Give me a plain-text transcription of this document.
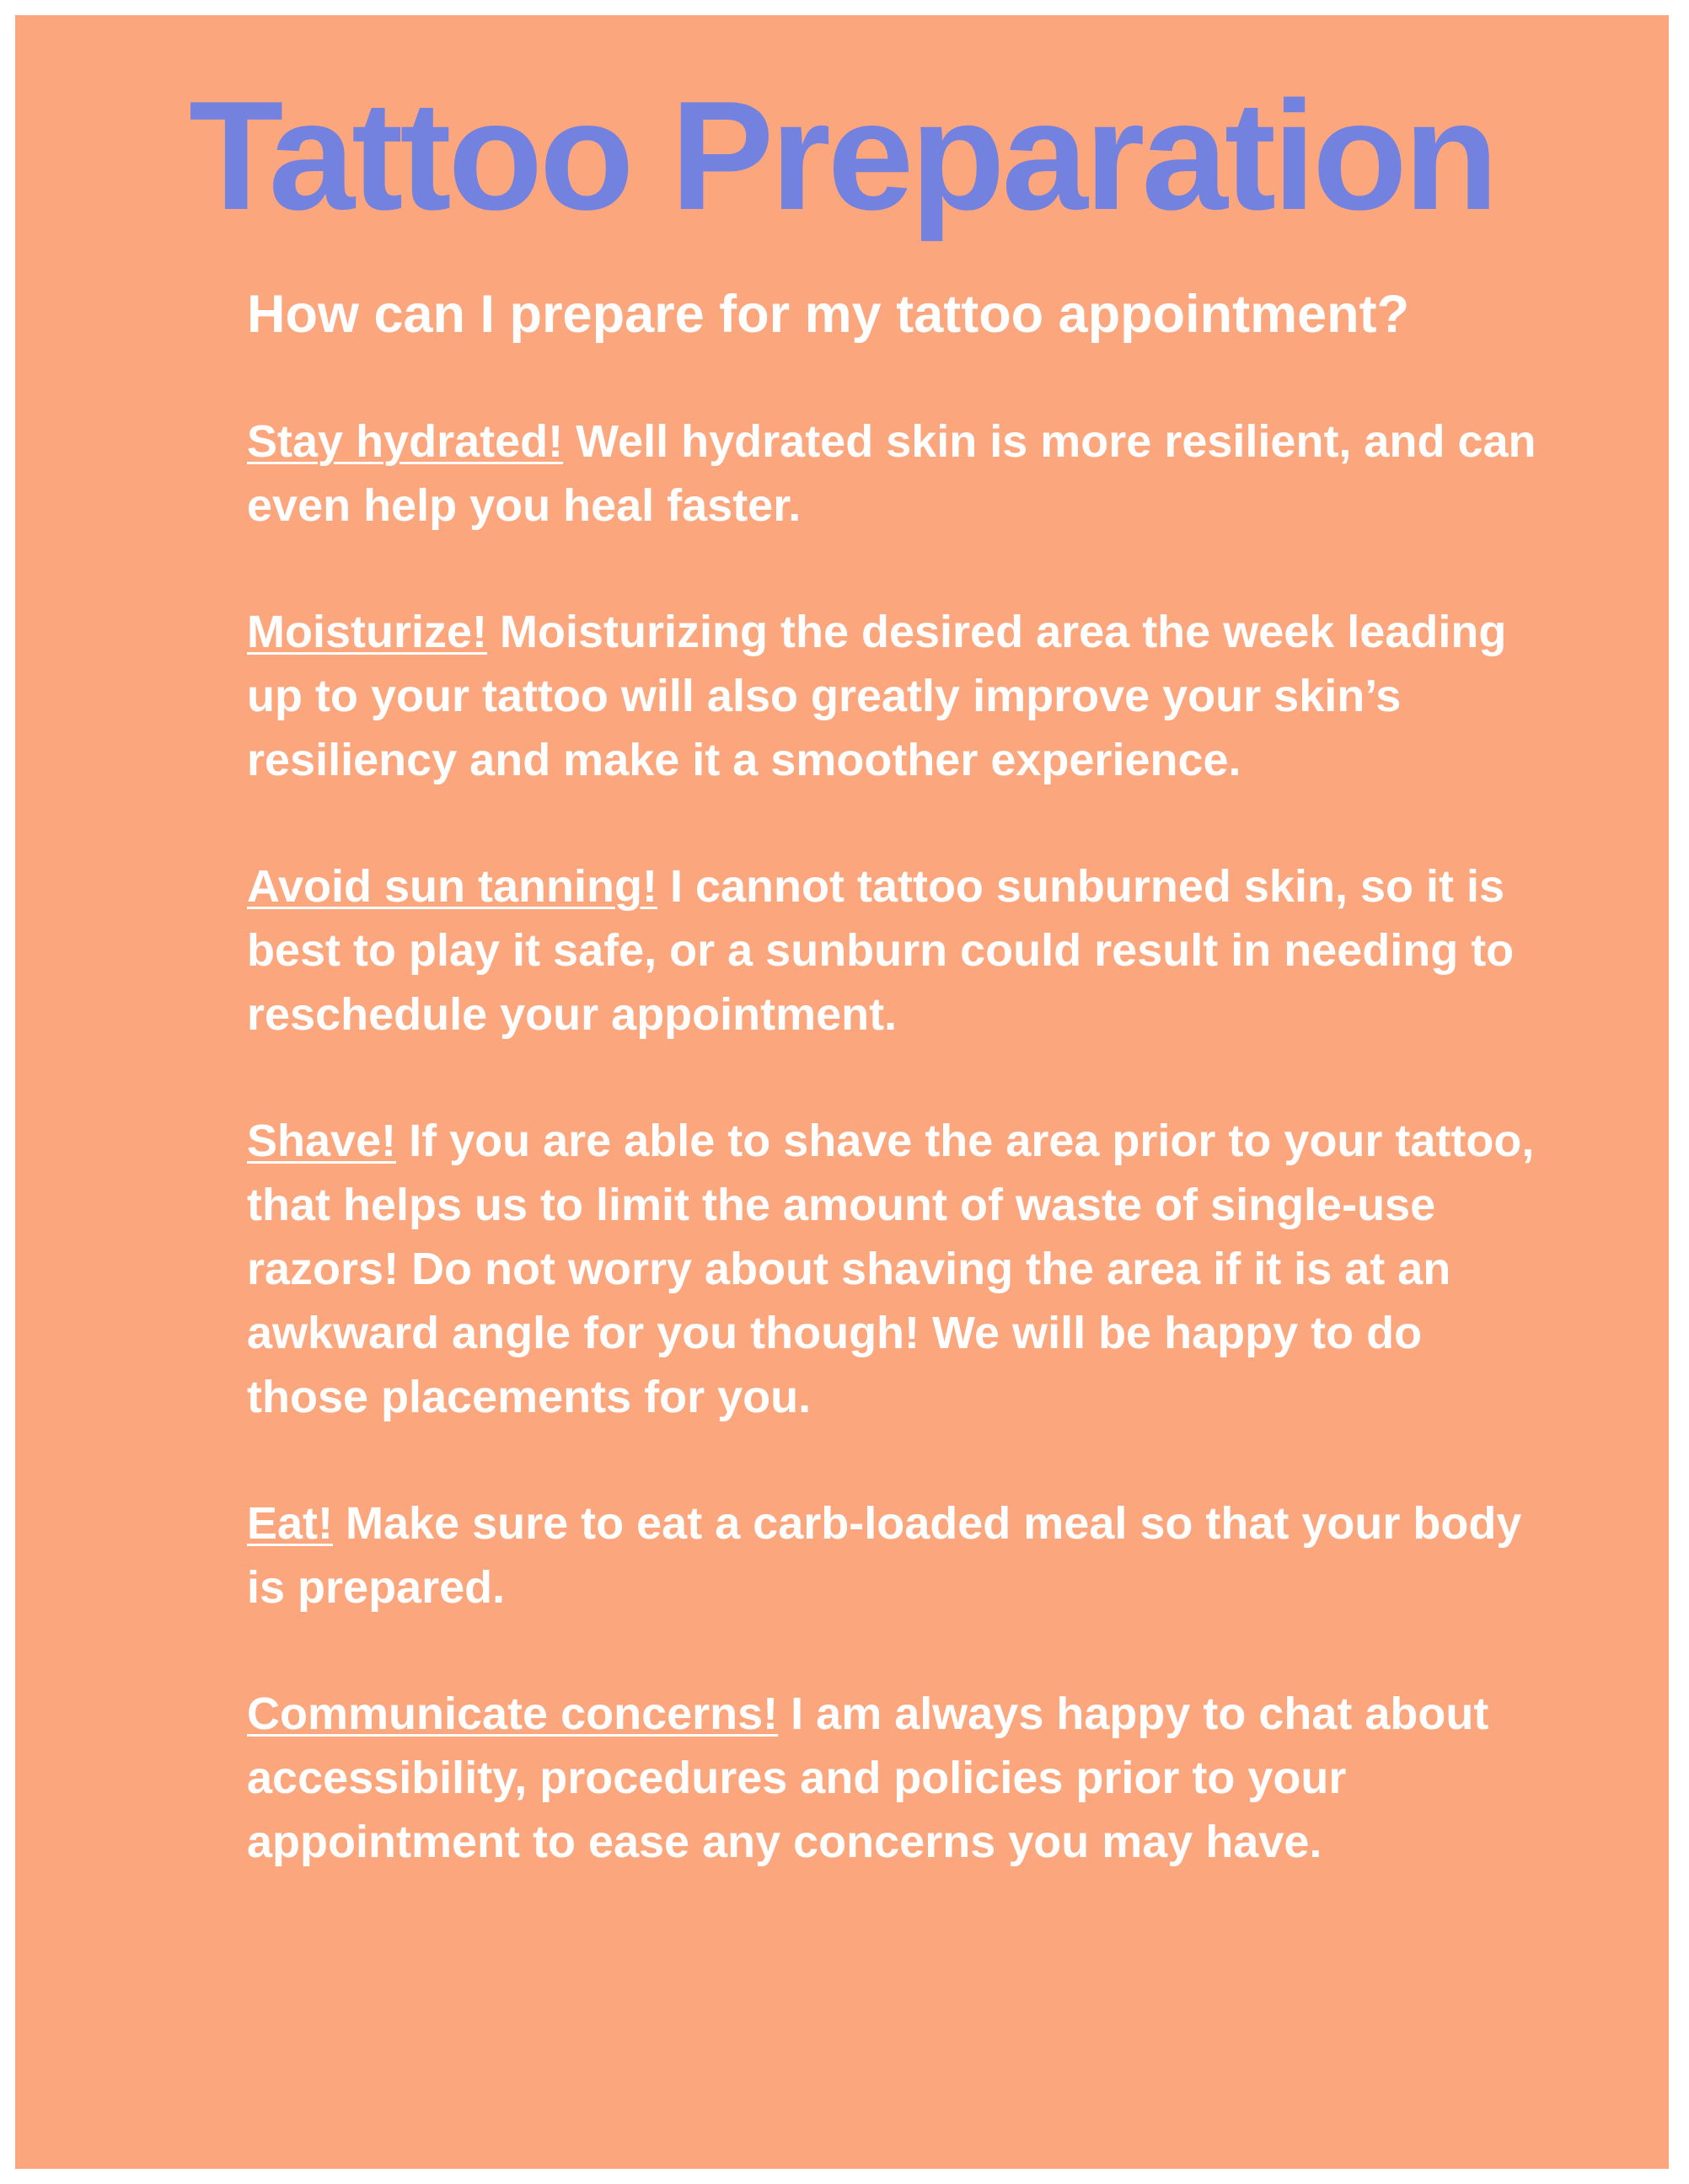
Tattoo Preparation

How can I prepare for my tattoo appointment?

Stay hydrated! Well hydrated skin is more resilient, and can even help you heal faster.

Moisturize! Moisturizing the desired area the week leading up to your tattoo will also greatly improve your skin’s resiliency and make it a smoother experience.

Avoid sun tanning! I cannot tattoo sunburned skin, so it is best to play it safe, or a sunburn could result in needing to reschedule your appointment.

Shave! If you are able to shave the area prior to your tattoo, that helps us to limit the amount of waste of single-use razors! Do not worry about shaving the area if it is at an awkward angle for you though! We will be happy to do those placements for you.

Eat! Make sure to eat a carb-loaded meal so that your body is prepared.

Communicate concerns! I am always happy to chat about accessibility, procedures and policies prior to your appointment to ease any concerns you may have.
